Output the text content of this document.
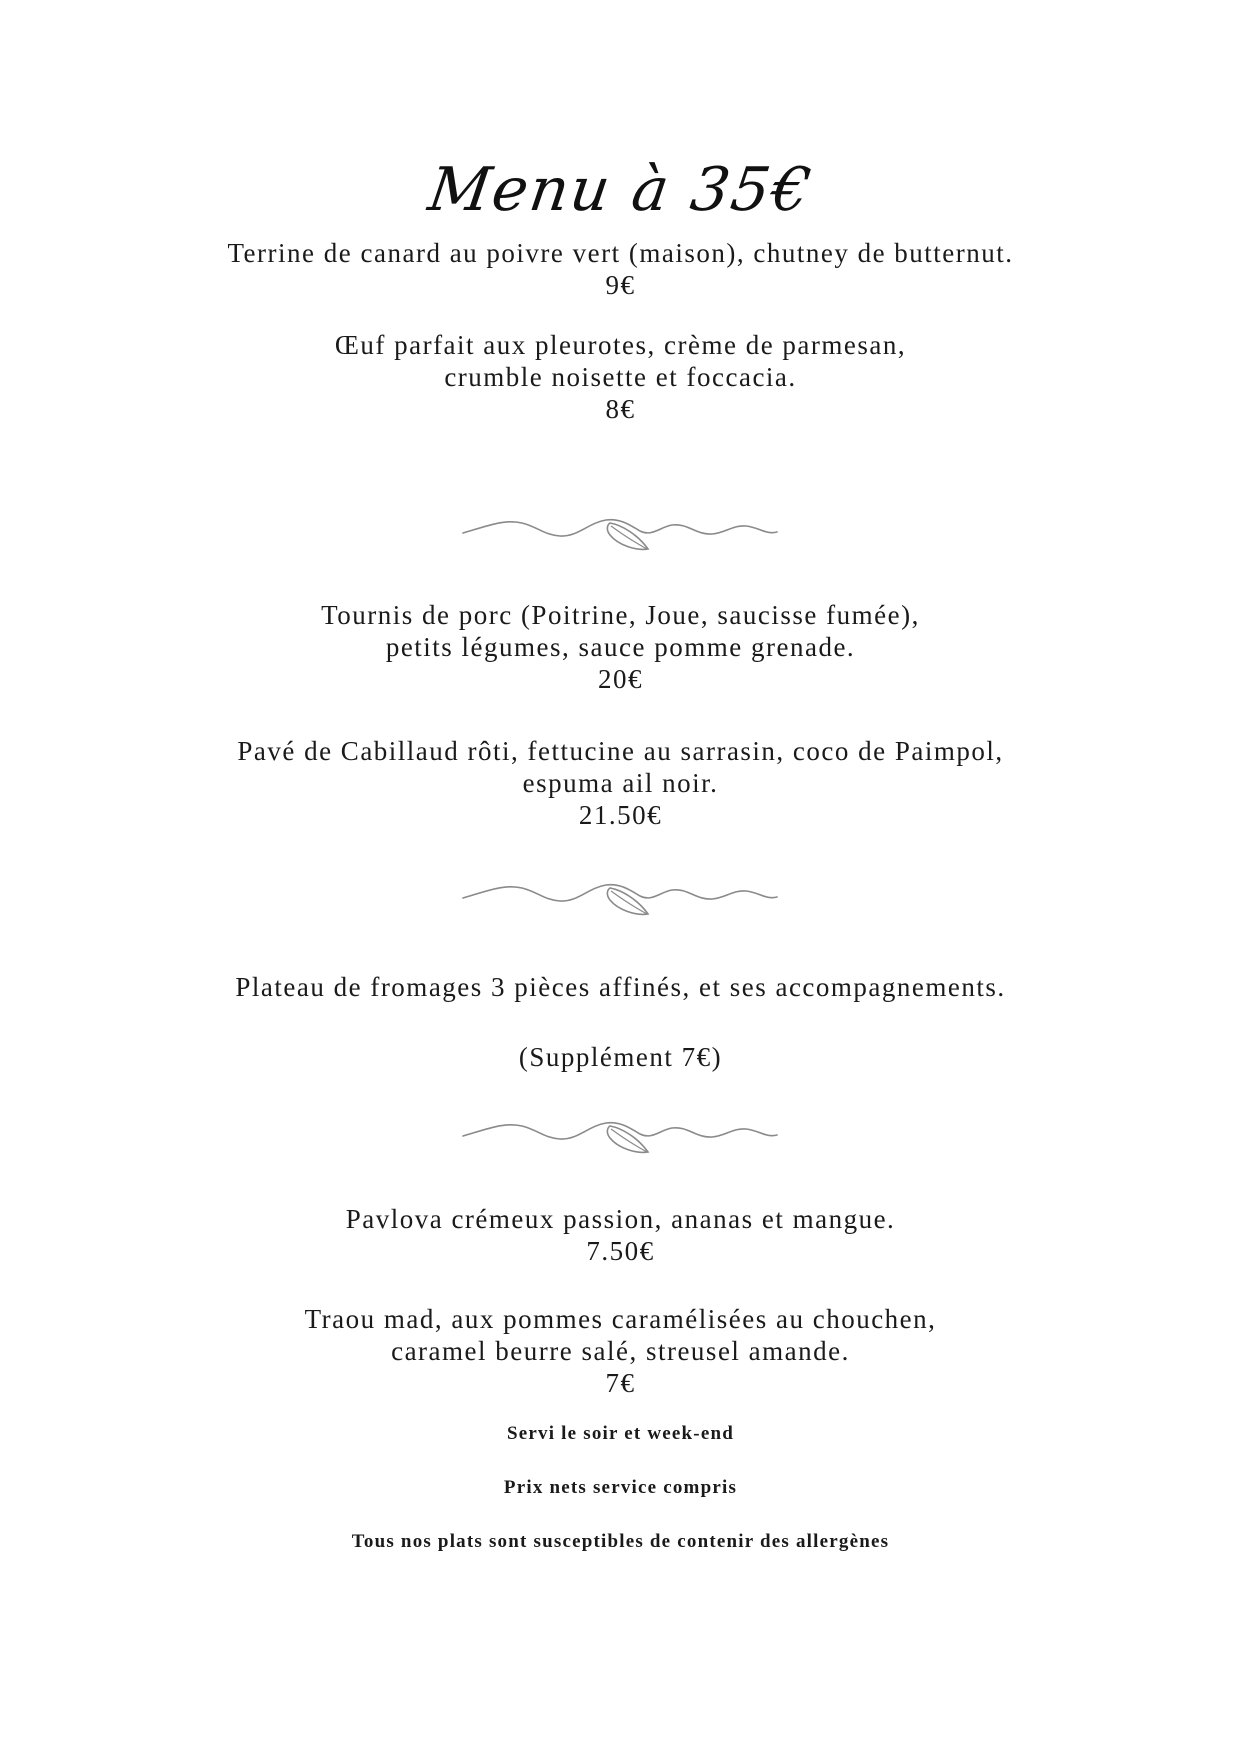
Menu à 35€
Terrine de canard au poivre vert (maison), chutney de butternut.
9€
Œuf parfait aux pleurotes, crème de parmesan,
crumble noisette et foccacia.
8€
Tournis de porc (Poitrine, Joue, saucisse fumée),
petits légumes, sauce pomme grenade.
20€
Pavé de Cabillaud rôti, fettucine au sarrasin, coco de Paimpol,
espuma ail noir.
21.50€
Plateau de fromages 3 pièces affinés, et ses accompagnements.
(Supplément 7€)
Pavlova crémeux passion, ananas et mangue.
7.50€
Traou mad, aux pommes caramélisées au chouchen,
caramel beurre salé, streusel amande.
7€
Servi le soir et week-end
Prix nets service compris
Tous nos plats sont susceptibles de contenir des allergènes
